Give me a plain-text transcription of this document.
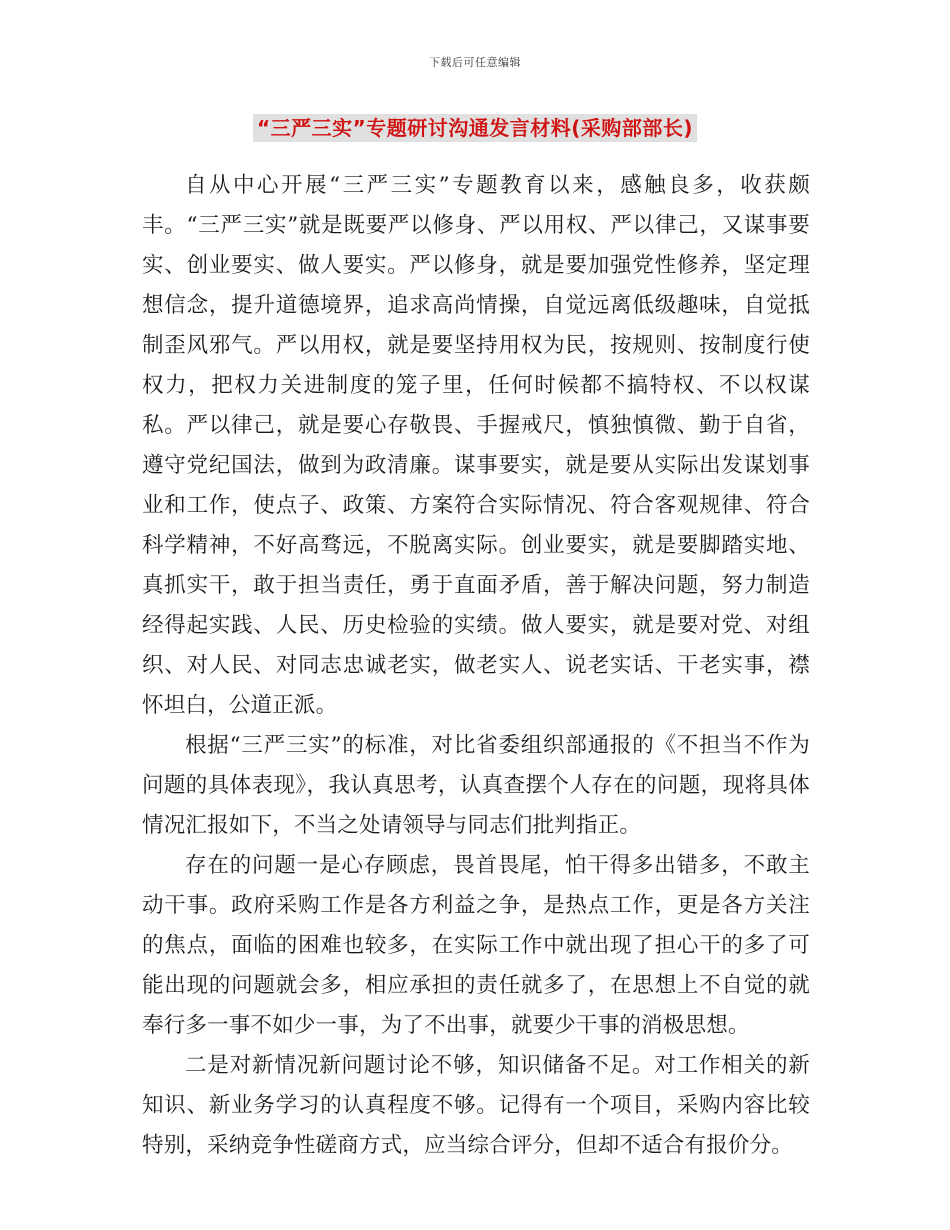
下载后可任意编辑
“三严三实”专题研讨沟通发言材料(采购部部长)

自从中心开展“三严三实”专题教育以来，感触良多，收获颇丰。“三严三实”就是既要严以修身、严以用权、严以律己，又谋事要实、创业要实、做人要实。严以修身，就是要加强党性修养，坚定理想信念，提升道德境界，追求高尚情操，自觉远离低级趣味，自觉抵制歪风邪气。严以用权，就是要坚持用权为民，按规则、按制度行使权力，把权力关进制度的笼子里，任何时候都不搞特权、不以权谋私。严以律己，就是要心存敬畏、手握戒尺，慎独慎微、勤于自省，遵守党纪国法，做到为政清廉。谋事要实，就是要从实际出发谋划事业和工作，使点子、政策、方案符合实际情况、符合客观规律、符合科学精神，不好高骛远，不脱离实际。创业要实，就是要脚踏实地、真抓实干，敢于担当责任，勇于直面矛盾，善于解决问题，努力制造经得起实践、人民、历史检验的实绩。做人要实，就是要对党、对组织、对人民、对同志忠诚老实，做老实人、说老实话、干老实事，襟怀坦白，公道正派。

根据“三严三实”的标准，对比省委组织部通报的《不担当不作为问题的具体表现》，我认真思考，认真查摆个人存在的问题，现将具体情况汇报如下，不当之处请领导与同志们批判指正。

存在的问题一是心存顾虑，畏首畏尾，怕干得多出错多，不敢主动干事。政府采购工作是各方利益之争，是热点工作，更是各方关注的焦点，面临的困难也较多，在实际工作中就出现了担心干的多了可能出现的问题就会多，相应承担的责任就多了，在思想上不自觉的就奉行多一事不如少一事，为了不出事，就要少干事的消极思想。

二是对新情况新问题讨论不够，知识储备不足。对工作相关的新知识、新业务学习的认真程度不够。记得有一个项目，采购内容比较特别，采纳竞争性磋商方式，应当综合评分，但却不适合有报价分。
